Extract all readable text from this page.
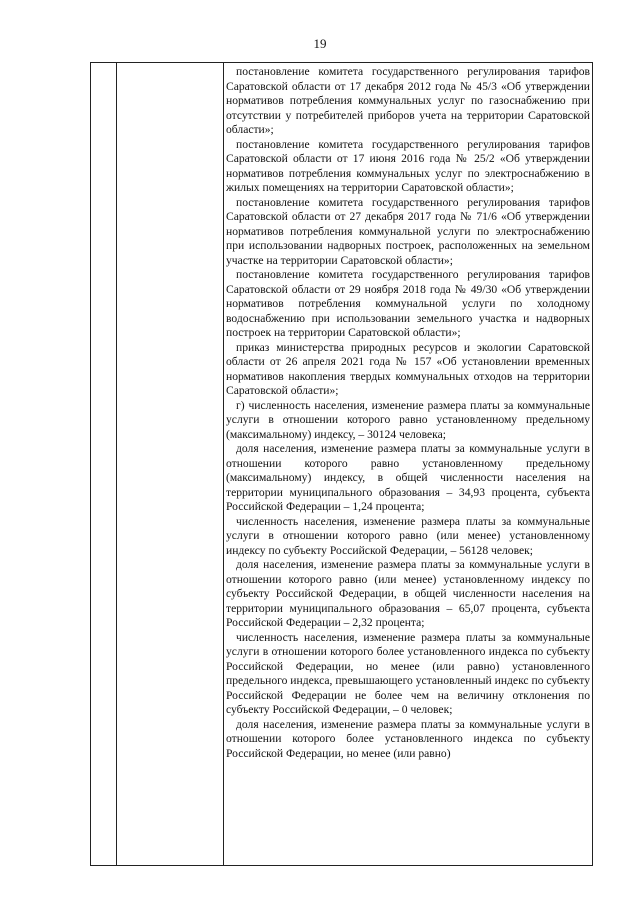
19

постановление комитета государственного регулирования тарифов Саратовской области от 17 декабря 2012 года № 45/3 «Об утверждении нормативов потребления коммунальных услуг по газоснабжению при отсутствии у потребителей приборов учета на территории Саратовской области»;

постановление комитета государственного регулирования тарифов Саратовской области от 17 июня 2016 года № 25/2 «Об утверждении нормативов потребления коммунальных услуг по электроснабжению в жилых помещениях на территории Саратовской области»;

постановление комитета государственного регулирования тарифов Саратовской области от 27 декабря 2017 года № 71/6 «Об утверждении нормативов потребления коммунальной услуги по электроснабжению при использовании надворных построек, расположенных на земельном участке на территории Саратовской области»;

постановление комитета государственного регулирования тарифов Саратовской области от 29 ноября 2018 года № 49/30 «Об утверждении нормативов потребления коммунальной услуги по холодному водоснабжению при использовании земельного участка и надворных построек на территории Саратовской области»;

приказ министерства природных ресурсов и экологии Саратовской области от 26 апреля 2021 года № 157 «Об установлении временных нормативов накопления твердых коммунальных отходов на территории Саратовской области»;

г) численность населения, изменение размера платы за коммунальные услуги в отношении которого равно установленному предельному (максимальному) индексу, – 30124 человека;

доля населения, изменение размера платы за коммунальные услуги в отношении которого равно установленному предельному (максимальному) индексу, в общей численности населения на территории муниципального образования – 34,93 процента, субъекта Российской Федерации – 1,24 процента;

численность населения, изменение размера платы за коммунальные услуги в отношении которого равно (или менее) установленному индексу по субъекту Российской Федерации, – 56128 человек;

доля населения, изменение размера платы за коммунальные услуги в отношении которого равно (или менее) установленному индексу по субъекту Российской Федерации, в общей численности населения на территории муниципального образования – 65,07 процента, субъекта Российской Федерации – 2,32 процента;

численность населения, изменение размера платы за коммунальные услуги в отношении которого более установленного индекса по субъекту Российской Федерации, но менее (или равно) установленного предельного индекса, превышающего установленный индекс по субъекту Российской Федерации не более чем на величину отклонения по субъекту Российской Федерации, – 0 человек;

доля населения, изменение размера платы за коммунальные услуги в отношении которого более установленного индекса по субъекту Российской Федерации, но менее (или равно)
